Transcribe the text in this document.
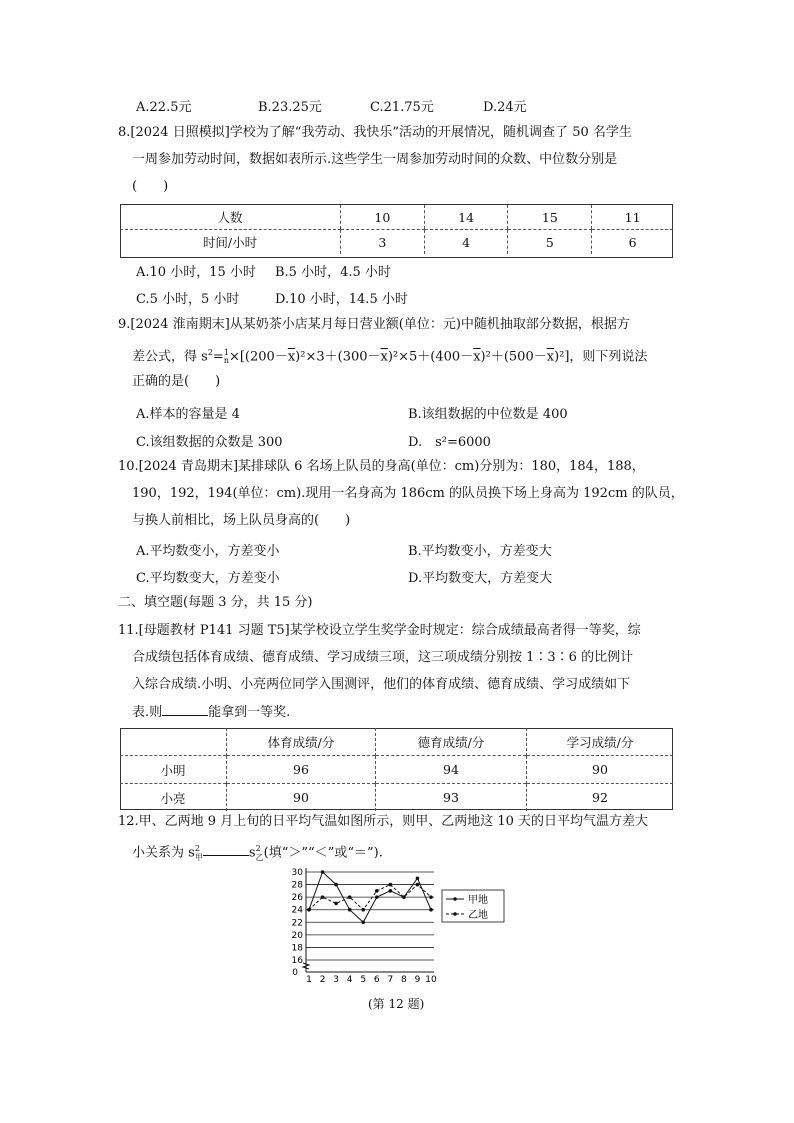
A.22.5元	B.23.25元	C.21.75元	D.24元
8.[2024 日照模拟]学校为了解“我劳动、我快乐”活动的开展情况，随机调查了 50 名学生
一周参加劳动时间，数据如表所示.这些学生一周参加劳动时间的众数、中位数分别是
(　　)
人数	10	14	15	11
时间/小时	3	4	5	6
A.10 小时，15 小时 B.5 小时，4.5 小时
C.5 小时，5 小时	D.10 小时，14.5 小时
9.[2024 淮南期末]从某奶茶小店某月每日营业额(单位：元)中随机抽取部分数据，根据方
差公式，得 $s^2= 1$
$n \times[(200-\overline{x})^2\times 3+(300-\overline{x})^2\times 5+(400-\overline{x})^2+(500-\overline{x})^2]$，则下列说法
正确的是(　　)
A.样本的容量是 4	B.该组数据的中位数是 400
C.该组数据的众数是 300	D.　s²=6000
10.[2024 青岛期末]某排球队 6 名场上队员的身高(单位：cm)分别为：180，184，188，
190，192，194(单位：cm).现用一名身高为 186cm 的队员换下场上身高为 192cm 的队员，
与换人前相比，场上队员身高的(　　)
A.平均数变小，方差变小	B.平均数变小，方差变大
C.平均数变大，方差变小	D.平均数变大，方差变大
二、填空题(每题 3 分，共 15 分)
11.[母题教材 P141 习题 T5]某学校设立学生奖学金时规定：综合成绩最高者得一等奖，综
合成绩包括体育成绩、德育成绩、学习成绩三项，这三项成绩分别按 1∶3∶6 的比例计
入综合成绩.小明、小亮两位同学入围测评，他们的体育成绩、德育成绩、学习成绩如下
表.则	能拿到一等奖.
	体育成绩/分	德育成绩/分	学习成绩/分
小明	96	94	90
小亮	90	93	92
12.甲、乙两地 9 月上旬的日平均气温如图所示，则甲、乙两地这 10 天的日平均气温方差大
小关系为 $s^2_甲$	$s^2_乙$(填“＞”“＜”或“＝”).
30
28
26
24
22
20
18
16
0
1 2 3 4 5 6 7 8 9 10
甲地
乙地
(第 12 题)
